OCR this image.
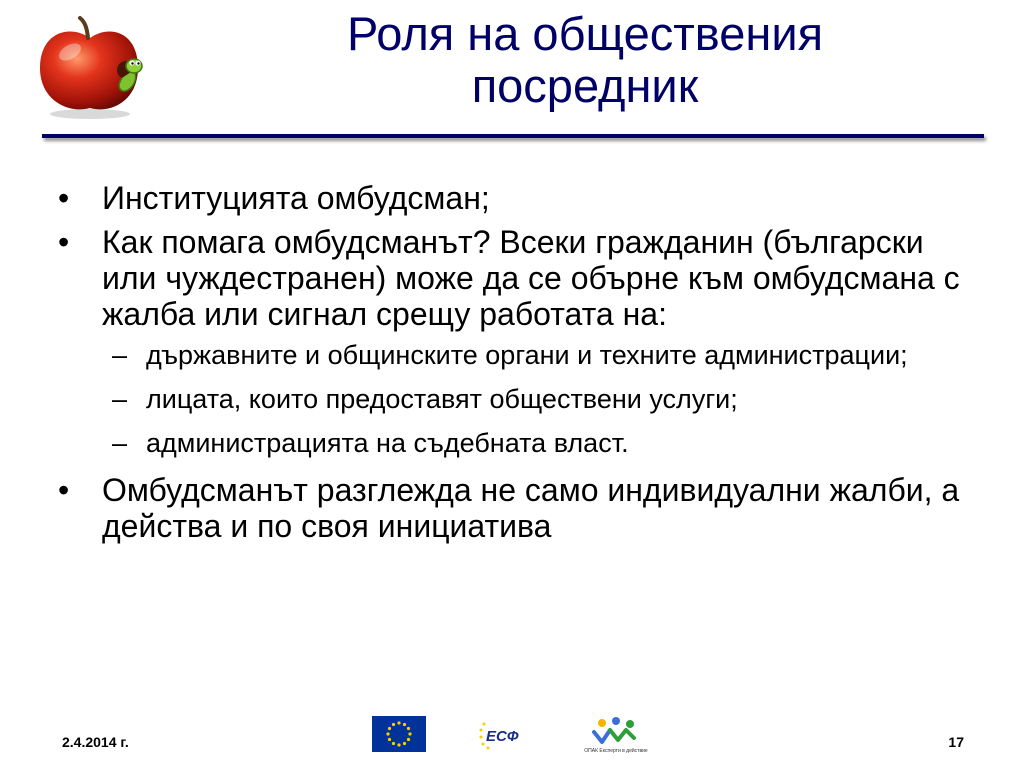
Роля на обществения
посредник
• Институцията омбудсман;
• Как помага омбудсманът? Всеки гражданин (български или чуждестранен) може да се обърне към омбудсмана с жалба или сигнал срещу работата на:
– държавните и общинските органи и техните администрации;
– лицата, които предоставят обществени услуги;
– администрацията на съдебната власт.
• Омбудсманът разглежда не само индивидуални жалби, а действа и по своя инициатива
2.4.2014 г.	ЕСФ
ОПАК Експерти в действие
17
